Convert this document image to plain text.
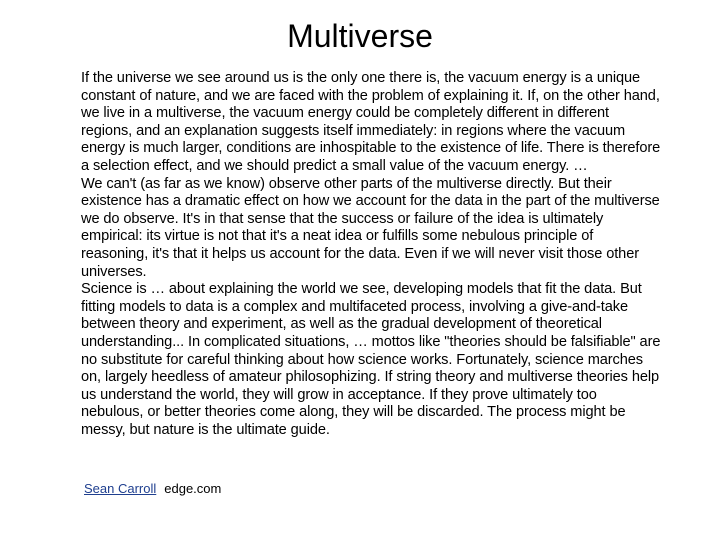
Multiverse

If the universe we see around us is the only one there is, the vacuum energy is a unique constant of nature, and we are faced with the problem of explaining it. If, on the other hand, we live in a multiverse, the vacuum energy could be completely different in different regions, and an explanation suggests itself immediately: in regions where the vacuum energy is much larger, conditions are inhospitable to the existence of life. There is therefore a selection effect, and we should predict a small value of the vacuum energy. …

We can't (as far as we know) observe other parts of the multiverse directly. But their existence has a dramatic effect on how we account for the data in the part of the multiverse we do observe. It's in that sense that the success or failure of the idea is ultimately empirical: its virtue is not that it's a neat idea or fulfills some nebulous principle of reasoning, it's that it helps us account for the data. Even if we will never visit those other universes.

Science is … about explaining the world we see, developing models that fit the data. But fitting models to data is a complex and multifaceted process, involving a give-and-take between theory and experiment, as well as the gradual development of theoretical understanding... In complicated situations, … mottos like "theories should be falsifiable" are no substitute for careful thinking about how science works. Fortunately, science marches on, largely heedless of amateur philosophizing. If string theory and multiverse theories help us understand the world, they will grow in acceptance. If they prove ultimately too nebulous, or better theories come along, they will be discarded. The process might be messy, but nature is the ultimate guide.

Sean Carroll edge.com
